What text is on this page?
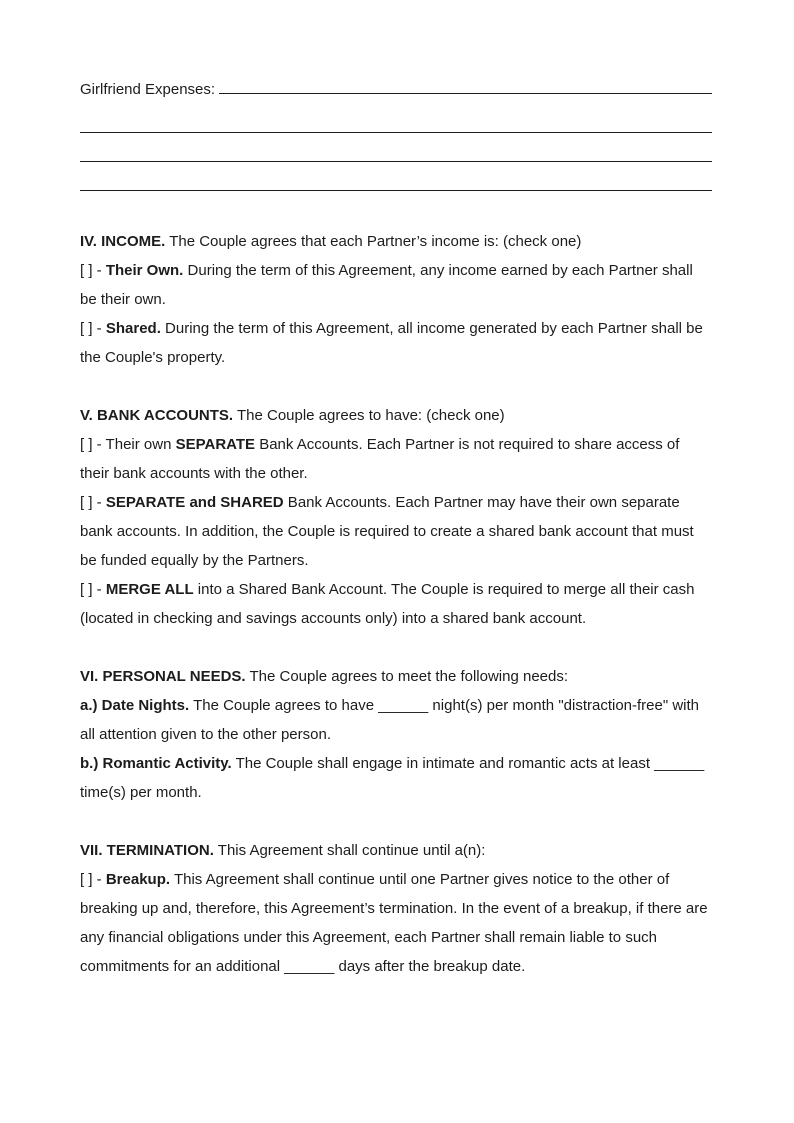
Girlfriend Expenses:

IV. INCOME. The Couple agrees that each Partner’s income is: (check one)

[ ] - Their Own. During the term of this Agreement, any income earned by each Partner shall be their own.

[ ] - Shared. During the term of this Agreement, all income generated by each Partner shall be the Couple's property.

V. BANK ACCOUNTS. The Couple agrees to have: (check one)

[ ] - Their own SEPARATE Bank Accounts. Each Partner is not required to share access of their bank accounts with the other.

[ ] - SEPARATE and SHARED Bank Accounts. Each Partner may have their own separate bank accounts. In addition, the Couple is required to create a shared bank account that must be funded equally by the Partners.

[ ] - MERGE ALL into a Shared Bank Account. The Couple is required to merge all their cash (located in checking and savings accounts only) into a shared bank account.

VI. PERSONAL NEEDS. The Couple agrees to meet the following needs:

a.) Date Nights. The Couple agrees to have ______ night(s) per month "distraction-free" with all attention given to the other person.

b.) Romantic Activity. The Couple shall engage in intimate and romantic acts at least ______ time(s) per month.

VII. TERMINATION. This Agreement shall continue until a(n):

[ ] - Breakup. This Agreement shall continue until one Partner gives notice to the other of breaking up and, therefore, this Agreement’s termination. In the event of a breakup, if there are any financial obligations under this Agreement, each Partner shall remain liable to such commitments for an additional ______ days after the breakup date.
